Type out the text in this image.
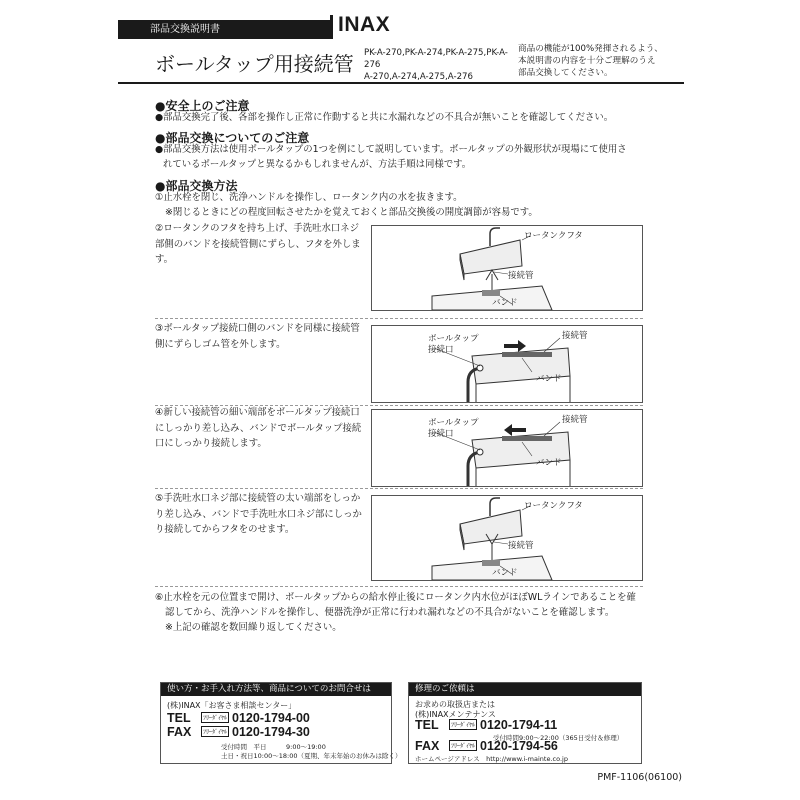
部品交換説明書	INAX
ボールタップ用接続管 PK-A-270,PK-A-274,PK-A-275,PK-A-276
A-270,A-274,A-275,A-276
商品の機能が100%発揮されるよう、
本説明書の内容を十分ご理解のうえ
部品交換してください。
●安全上のご注意
●部品交換完了後、各部を操作し正常に作動すると共に水漏れなどの不具合が無いことを確認してください。
●部品交換についてのご注意
●部品交換方法は使用ボールタップの1つを例にして説明しています。ボールタップの外観形状が現場にて使用さ
れているボールタップと異なるかもしれませんが、方法手順は同様です。
●部品交換方法
①止水栓を閉じ、洗浄ハンドルを操作し、ロータンク内の水を抜きます。
※閉じるときにどの程度回転させたかを覚えておくと部品交換後の開度調節が容易です。
②ロータンクのフタを持ち上げ、手洗吐水口ネジ部側のバンドを接続管側にずらし、フタを外します。
ロータンクフタ
接続管
バンド
③ボールタップ接続口側のバンドを同様に接続管側にずらしゴム管を外します。	ボールタップ
接続口
接続管
バンド
④新しい接続管の細い端部をボールタップ接続口にしっかり差し込み、バンドでボールタップ接続口にしっかり接続します。
ボールタップ
接続口
接続管
バンド
⑤手洗吐水口ネジ部に接続管の太い端部をしっかり差し込み、バンドで手洗吐水口ネジ部にしっかり接続してからフタをのせます。
ロータンクフタ
接続管
バンド
⑥止水栓を元の位置まで開け、ボールタップからの給水停止後にロータンク内水位がほぼWLラインであることを確
認してから、洗浄ハンドルを操作し、便器洗浄が正常に行われ漏れなどの不具合がないことを確認します。
※上記の確認を数回繰り返してください。
使い方・お手入れ方法等、商品についてのお問合せは
(株)INAX「お客さま相談センター」
TEL ﾌﾘｰﾀﾞｲﾔﾙ 0120-1794-00
FAX ﾌﾘｰﾀﾞｲﾔﾙ 0120-1794-30
受付時間　平日　　　9:00～19:00
土日・祝日10:00～18:00（夏期、年末年始のお休みは除く）
修理のご依頼は
お求めの取扱店または
(株)INAXメンテナンス
TEL ﾌﾘｰﾀﾞｲﾔﾙ 0120-1794-11
受付時間9:00～22:00（365日受付＆修理）
FAX ﾌﾘｰﾀﾞｲﾔﾙ 0120-1794-56
ホームページアドレス　http://www.i-mainte.co.jp
PMF-1106(06100)
